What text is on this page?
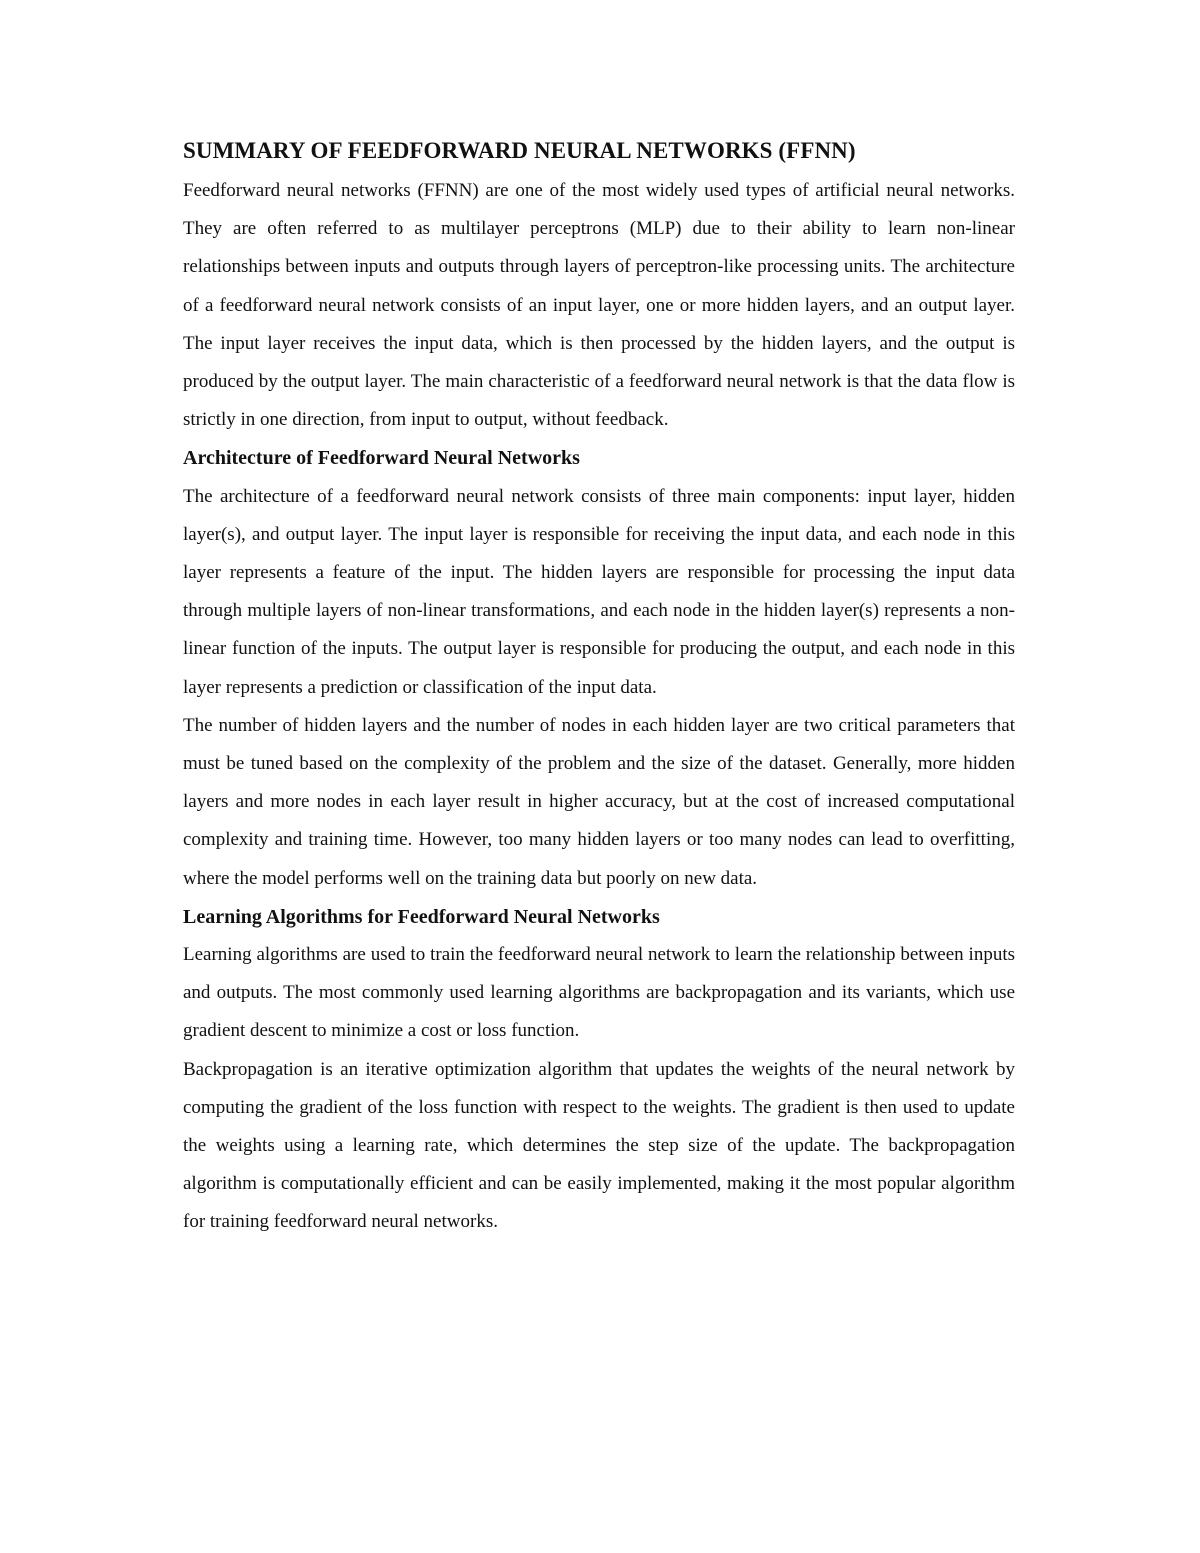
SUMMARY OF FEEDFORWARD NEURAL NETWORKS (FFNN)

Feedforward neural networks (FFNN) are one of the most widely used types of artificial neural networks. They are often referred to as multilayer perceptrons (MLP) due to their ability to learn non-linear relationships between inputs and outputs through layers of perceptron-like processing units. The architecture of a feedforward neural network consists of an input layer, one or more hidden layers, and an output layer. The input layer receives the input data, which is then processed by the hidden layers, and the output is produced by the output layer. The main characteristic of a feedforward neural network is that the data flow is strictly in one direction, from input to output, without feedback.

Architecture of Feedforward Neural Networks

The architecture of a feedforward neural network consists of three main components: input layer, hidden layer(s), and output layer. The input layer is responsible for receiving the input data, and each node in this layer represents a feature of the input. The hidden layers are responsible for processing the input data through multiple layers of non-linear transformations, and each node in the hidden layer(s) represents a non-linear function of the inputs. The output layer is responsible for producing the output, and each node in this layer represents a prediction or classification of the input data.

The number of hidden layers and the number of nodes in each hidden layer are two critical parameters that must be tuned based on the complexity of the problem and the size of the dataset. Generally, more hidden layers and more nodes in each layer result in higher accuracy, but at the cost of increased computational complexity and training time. However, too many hidden layers or too many nodes can lead to overfitting, where the model performs well on the training data but poorly on new data.

Learning Algorithms for Feedforward Neural Networks

Learning algorithms are used to train the feedforward neural network to learn the relationship between inputs and outputs. The most commonly used learning algorithms are backpropagation and its variants, which use gradient descent to minimize a cost or loss function.

Backpropagation is an iterative optimization algorithm that updates the weights of the neural network by computing the gradient of the loss function with respect to the weights. The gradient is then used to update the weights using a learning rate, which determines the step size of the update. The backpropagation algorithm is computationally efficient and can be easily implemented, making it the most popular algorithm for training feedforward neural networks.
